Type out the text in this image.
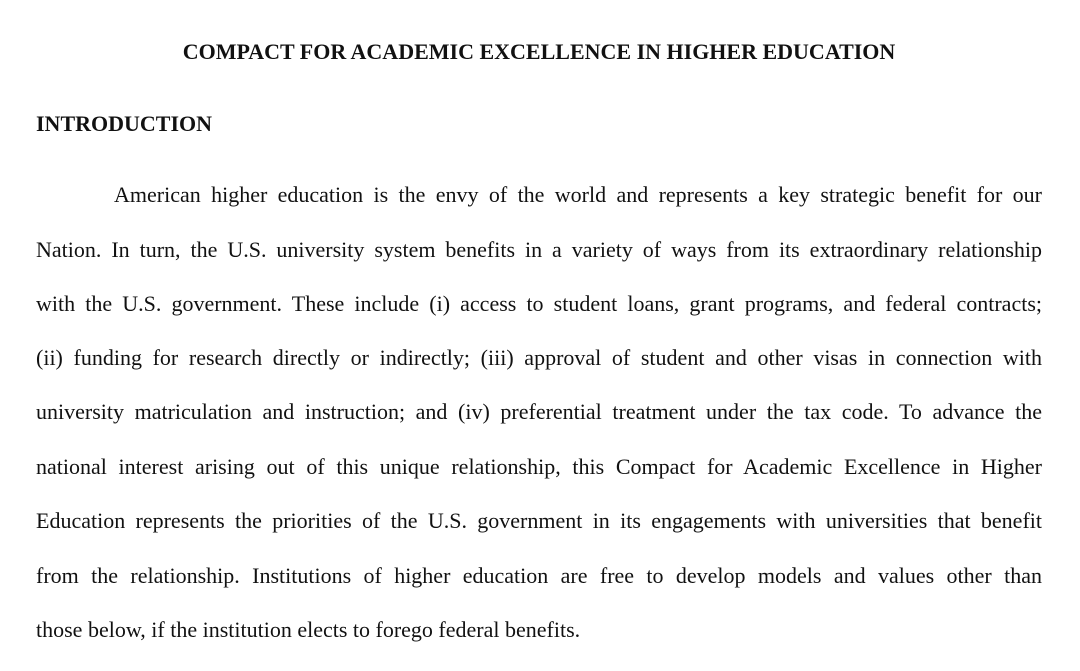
COMPACT FOR ACADEMIC EXCELLENCE IN HIGHER EDUCATION
INTRODUCTION
American higher education is the envy of the world and represents a key strategic benefit for our
Nation. In turn, the U.S. university system benefits in a variety of ways from its extraordinary relationship
with the U.S. government. These include (i) access to student loans, grant programs, and federal contracts;
(ii) funding for research directly or indirectly; (iii) approval of student and other visas in connection with
university matriculation and instruction; and (iv) preferential treatment under the tax code. To advance the
national interest arising out of this unique relationship, this Compact for Academic Excellence in Higher
Education represents the priorities of the U.S. government in its engagements with universities that benefit
from the relationship. Institutions of higher education are free to develop models and values other than
those below, if the institution elects to forego federal benefits.
